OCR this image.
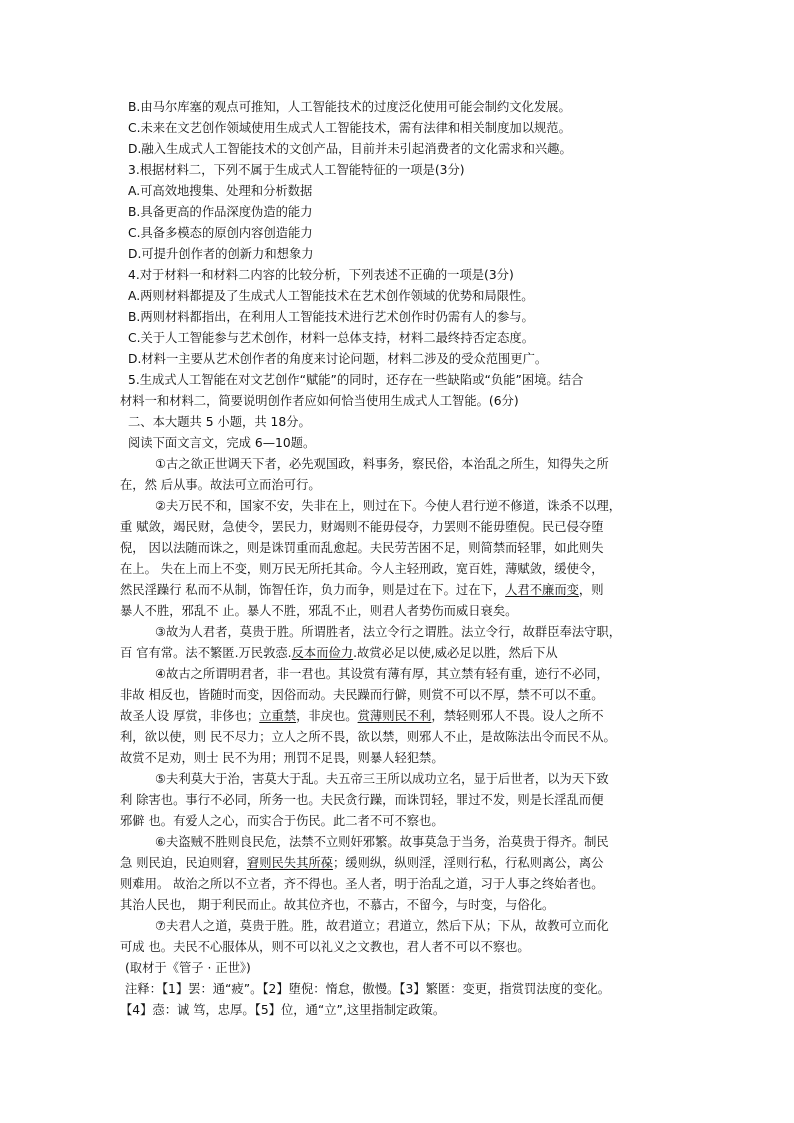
B.由马尔库塞的观点可推知，人工智能技术的过度泛化使用可能会制约文化发展。
C.未来在文艺创作领域使用生成式人工智能技术，需有法律和相关制度加以规范。
D.融入生成式人工智能技术的文创产品，目前并未引起消费者的文化需求和兴趣。
3.根据材料二，下列不属于生成式人工智能特征的一项是(3分)
A.可高效地搜集、处理和分析数据
B.具备更高的作品深度伪造的能力
C.具备多模态的原创内容创造能力
D.可提升创作者的创新力和想象力
4.对于材料一和材料二内容的比较分析，下列表述不正确的一项是(3分)
A.两则材料都提及了生成式人工智能技术在艺术创作领域的优势和局限性。
B.两则材料都指出，在利用人工智能技术进行艺术创作时仍需有人的参与。
C.关于人工智能参与艺术创作，材料一总体支持，材料二最终持否定态度。
D.材料一主要从艺术创作者的角度来讨论问题，材料二涉及的受众范围更广。
5.生成式人工智能在对文艺创作“赋能”的同时，还存在一些缺陷或“负能”困境。结合
材料一和材料二，简要说明创作者应如何恰当使用生成式人工智能。(6分)
二、本大题共 5 小题，共 18分。
阅读下面文言文，完成 6—10题。
①古之欲正世调天下者，必先观国政，料事务，察民俗，本治乱之所生，知得失之所
在，然 后从事。故法可立而治可行。
②夫万民不和，国家不安，失非在上，则过在下。今使人君行逆不修道，诛杀不以理，
重 赋敛，竭民财，急使令，罢民力，财竭则不能毋侵夺，力罢则不能毋堕倪。民已侵夺堕
倪， 因以法随而诛之，则是诛罚重而乱愈起。夫民劳苦困不足，则简禁而轻罪，如此则失
在上。 失在上而上不变，则万民无所托其命。今人主轻刑政，宽百姓，薄赋敛，缓使令，
然民淫躁行 私而不从制，饰智任诈，负力而争，则是过在下。过在下，人君不廉而变，则
暴人不胜，邪乱不 止。暴人不胜，邪乱不止，则君人者势伤而威日衰矣。
③故为人君者，莫贵于胜。所谓胜者，法立令行之谓胜。法立令行，故群臣奉法守职，
百 官有常。法不繁匿.万民敦悫.反本而俭力.故赏必足以使,威必足以胜，然后下从
④故古之所谓明君者，非一君也。其设赏有薄有厚，其立禁有轻有重，迹行不必同，
非故 相反也，皆随时而变，因俗而动。夫民躁而行僻，则赏不可以不厚，禁不可以不重。
故圣人设 厚赏，非侈也；立重禁，非戾也。赏薄则民不利，禁轻则邪人不畏。设人之所不
利，欲以使，则 民不尽力；立人之所不畏，欲以禁，则邪人不止，是故陈法出令而民不从。
故赏不足劝，则士 民不为用；刑罚不足畏，则暴人轻犯禁。
⑤夫利莫大于治，害莫大于乱。夫五帝三王所以成功立名，显于后世者，以为天下致
利 除害也。事行不必同，所务一也。夫民贪行躁，而诛罚轻，罪过不发，则是长淫乱而便
邪僻 也。有爱人之心，而实合于伤民。此二者不可不察也。
⑥夫盗贼不胜则良民危，法禁不立则奸邪繁。故事莫急于当务，治莫贵于得齐。制民
急 则民迫，民迫则窘，窘则民失其所葆；缓则纵，纵则淫，淫则行私，行私则离公，离公
则难用。 故治之所以不立者，齐不得也。圣人者，明于治乱之道，习于人事之终始者也。
其治人民也， 期于利民而止。故其位齐也，不慕古，不留今，与时变，与俗化。
⑦夫君人之道，莫贵于胜。胜，故君道立；君道立，然后下从；下从，故教可立而化
可成 也。夫民不心服体从，则不可以礼义之文教也，君人者不可以不察也。
(取材于《管子 · 正世》)
注释：【1】罢：通“疲”。【2】堕倪：惰怠，傲慢。【3】繁匿：变更，指赏罚法度的变化。
【4】悫：诚 笃，忠厚。【5】位，通“立”,这里指制定政策。
